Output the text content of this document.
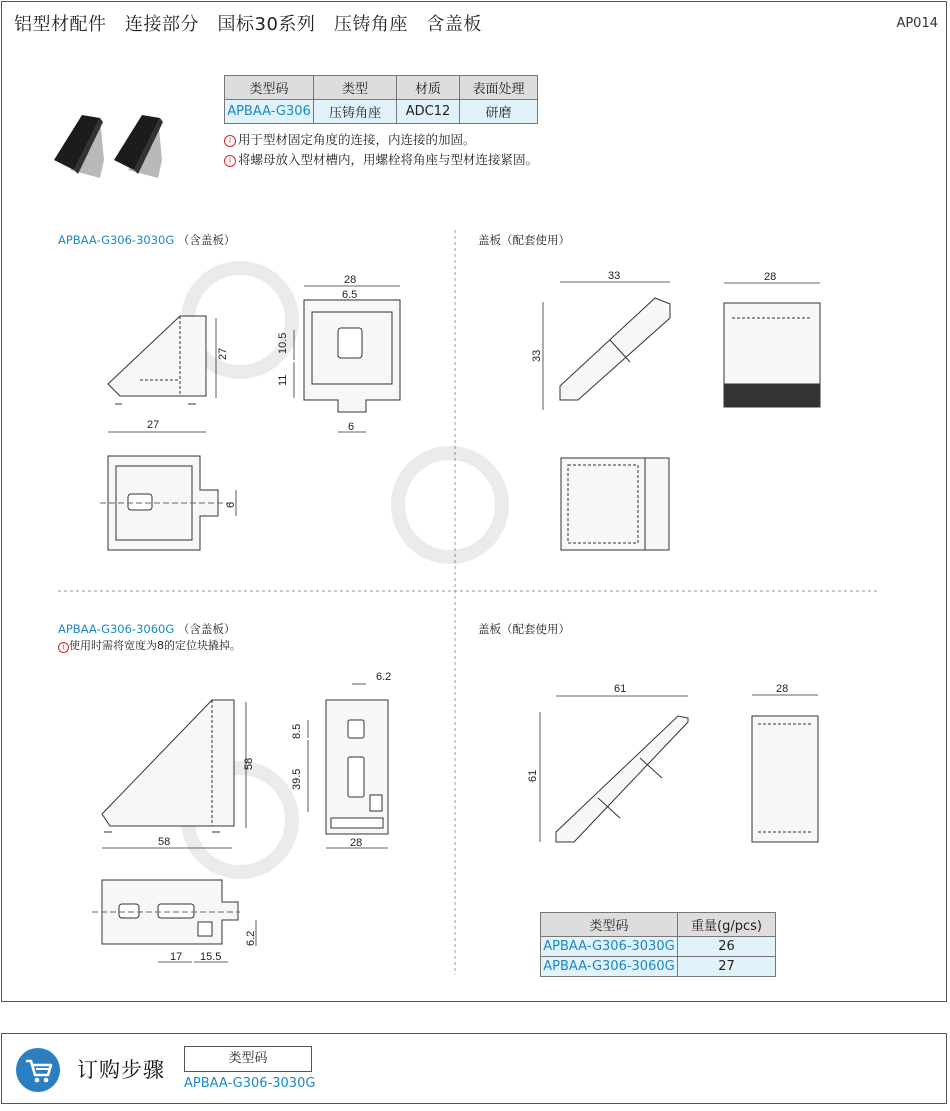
铝型材配件　连接部分　国标30系列　压铸角座　含盖板	AP014
27
27
28
6.5
10.5
11
6
6
33
33
28
58
58
6.2
8.5
39.5
28
17 15.5
6.2
61
61
28
类型码	类型	材质	表面处理
APBAA-G306	压铸角座	ADC12	研磨
i 用于型材固定角度的连接，内连接的加固。
i 将螺母放入型材槽内，用螺栓将角座与型材连接紧固。
APBAA-G306-3030G （含盖板）	盖板（配套使用）
APBAA-G306-3060G （含盖板）
i 使用时需将宽度为8的定位块撬掉。
盖板（配套使用）
类型码	重量(g/pcs)
APBAA-G306-3030G	26
APBAA-G306-3060G	27
订购步骤	类型码
APBAA-G306-3030G
